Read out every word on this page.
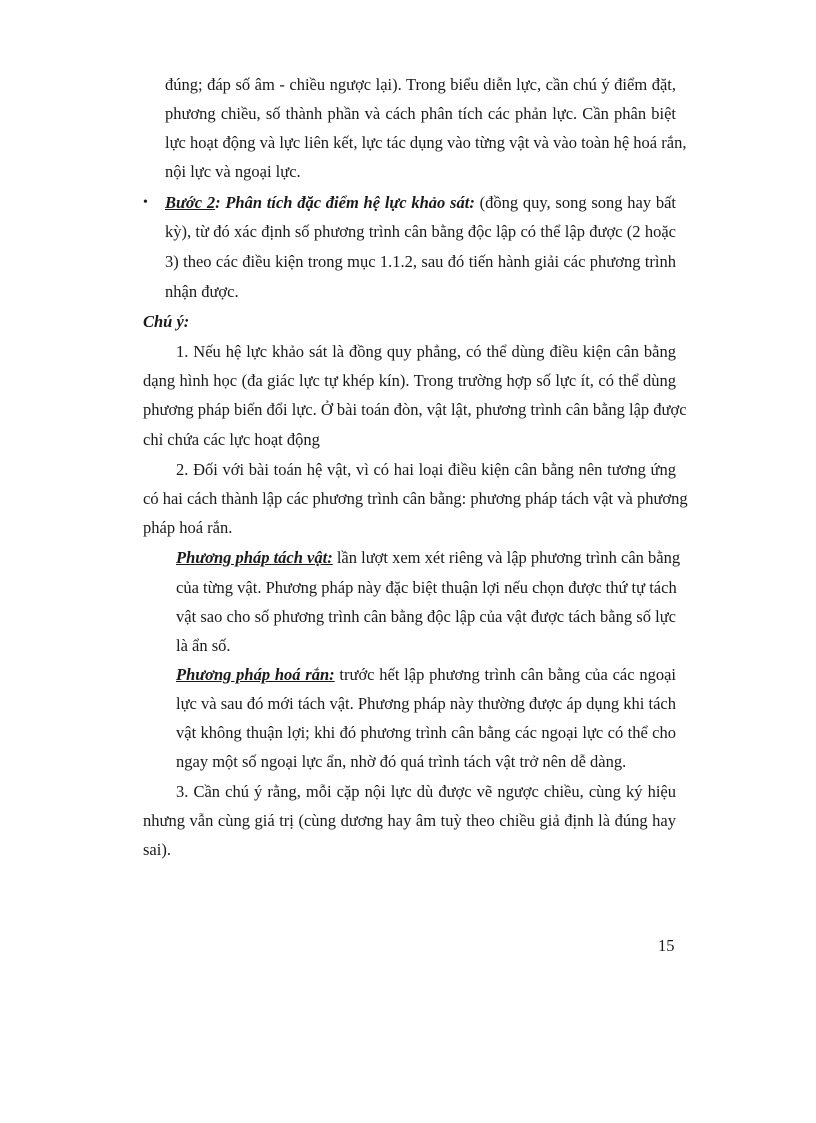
đúng; đáp số âm - chiều ngược lại). Trong biểu diễn lực, cần chú ý điểm đặt,
phương chiều, số thành phần và cách phân tích các phản lực. Cần phân biệt
lực hoạt động và lực liên kết, lực tác dụng vào từng vật và vào toàn hệ hoá rắn,
nội lực và ngoại lực.
• Bước 2: Phân tích đặc điểm hệ lực khảo sát: (đồng quy, song song hay bất
kỳ), từ đó xác định số phương trình cân bằng độc lập có thể lập được (2 hoặc
3) theo các điều kiện trong mục 1.1.2, sau đó tiến hành giải các phương trình
nhận được.
Chú ý:
1. Nếu hệ lực khảo sát là đồng quy phẳng, có thể dùng điều kiện cân bằng
dạng hình học (đa giác lực tự khép kín). Trong trường hợp số lực ít, có thể dùng
phương pháp biến đổi lực. Ở bài toán đòn, vật lật, phương trình cân bằng lập được
chỉ chứa các lực hoạt động
2. Đối với bài toán hệ vật, vì có hai loại điều kiện cân bằng nên tương ứng
có hai cách thành lập các phương trình cân bằng: phương pháp tách vật và phương
pháp hoá rắn.
Phương pháp tách vật: lần lượt xem xét riêng và lập phương trình cân bằng
của từng vật. Phương pháp này đặc biệt thuận lợi nếu chọn được thứ tự tách
vật sao cho số phương trình cân bằng độc lập của vật được tách bằng số lực
là ẩn số.
Phương pháp hoá rắn: trước hết lập phương trình cân bằng của các ngoại
lực và sau đó mới tách vật. Phương pháp này thường được áp dụng khi tách
vật không thuận lợi; khi đó phương trình cân bằng các ngoại lực có thể cho
ngay một số ngoại lực ẩn, nhờ đó quá trình tách vật trở nên dễ dàng.
3. Cần chú ý rằng, mỗi cặp nội lực dù được vẽ ngược chiều, cùng ký hiệu
nhưng vẫn cùng giá trị (cùng dương hay âm tuỳ theo chiều giả định là đúng hay
sai).
15
